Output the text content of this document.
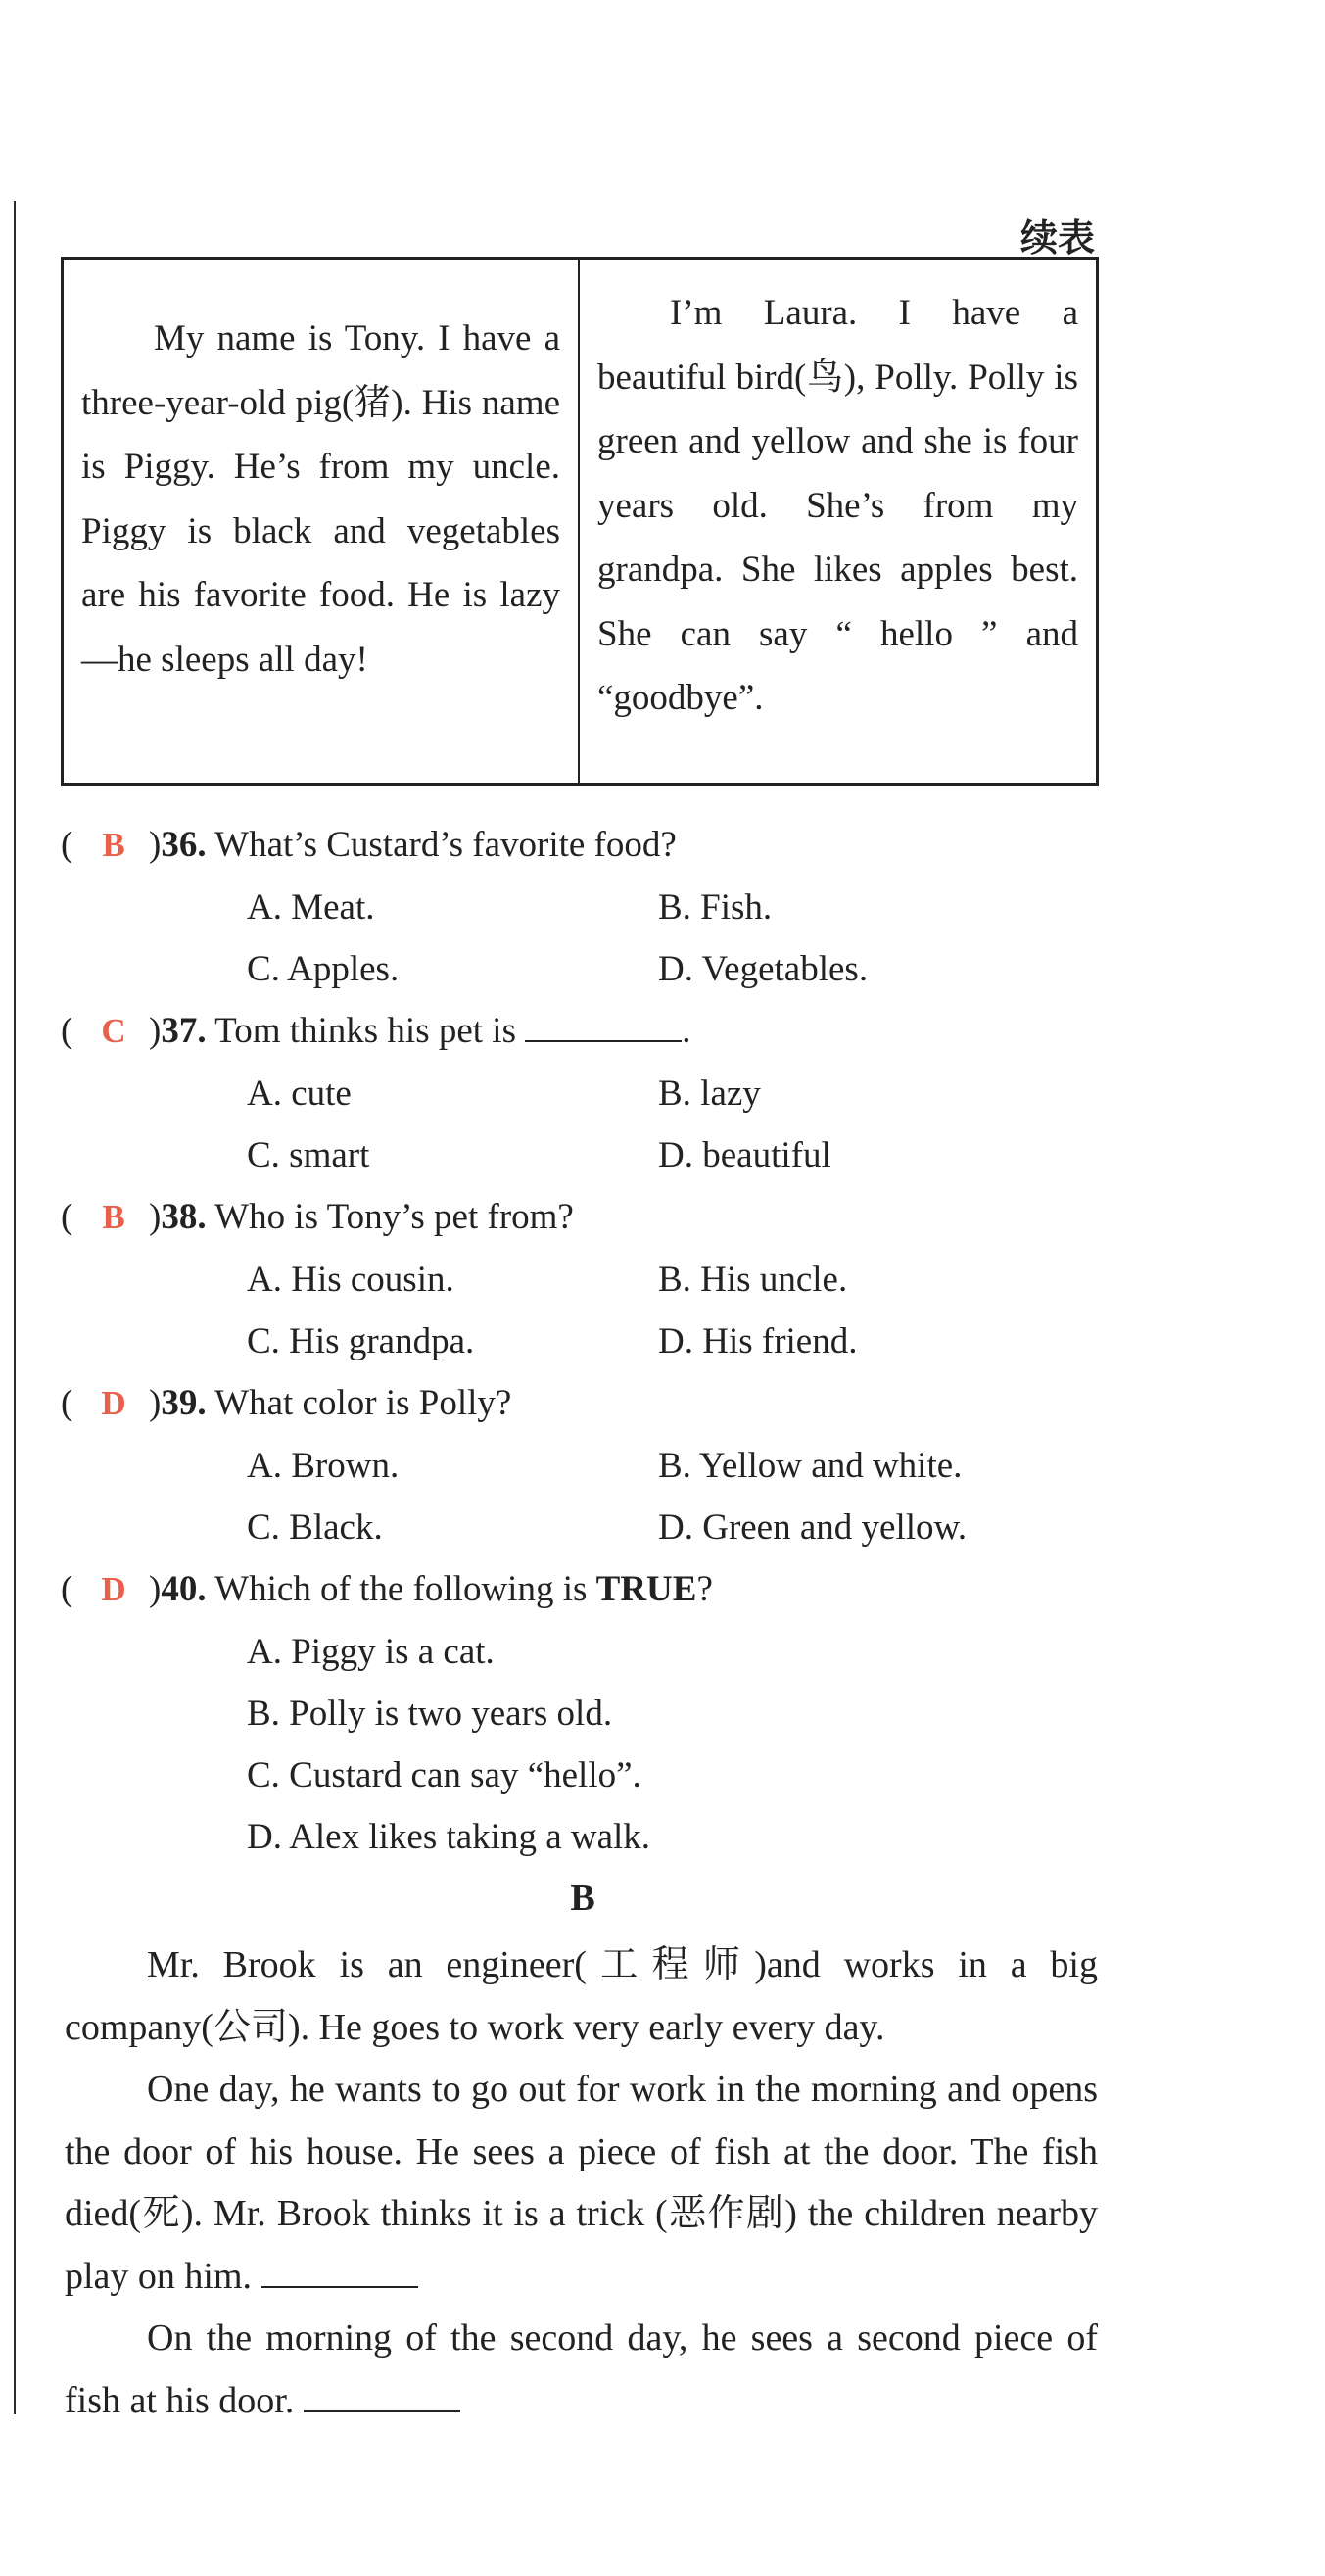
续表

My name is Tony. I have a three-year-old pig(猪). His name is Piggy. He’s from my uncle. Piggy is black and vegetables are his favorite food. He is lazy—he sleeps all day!

I’m Laura. I have a beautiful bird(鸟), Polly. Polly is green and yellow and she is four years old. She’s from my grandpa. She likes apples best. She can say “ hello ” and “goodbye”.

( B )36. What’s Custard’s favorite food?
A. Meat.	B. Fish.
C. Apples.	D. Vegetables.
( C )37. Tom thinks his pet is	.
A. cute	B. lazy
C. smart	D. beautiful
( B )38. Who is Tony’s pet from?
A. His cousin.	B. His uncle.
C. His grandpa.	D. His friend.
( D )39. What color is Polly?
A. Brown.	B. Yellow and white.
C. Black.	D. Green and yellow.
( D )40. Which of the following is TRUE?
A. Piggy is a cat.
B. Polly is two years old.
C. Custard can say “hello”.
D. Alex likes taking a walk.
B

Mr. Brook is an engineer(工程师)and works in a big company(公司). He goes to work very early every day.

One day, he wants to go out for work in the morning and opens the door of his house. He sees a piece of fish at the door. The fish died(死). Mr. Brook thinks it is a trick (恶作剧) the children nearby play on him.

On the morning of the second day, he sees a second piece of fish at his door.
